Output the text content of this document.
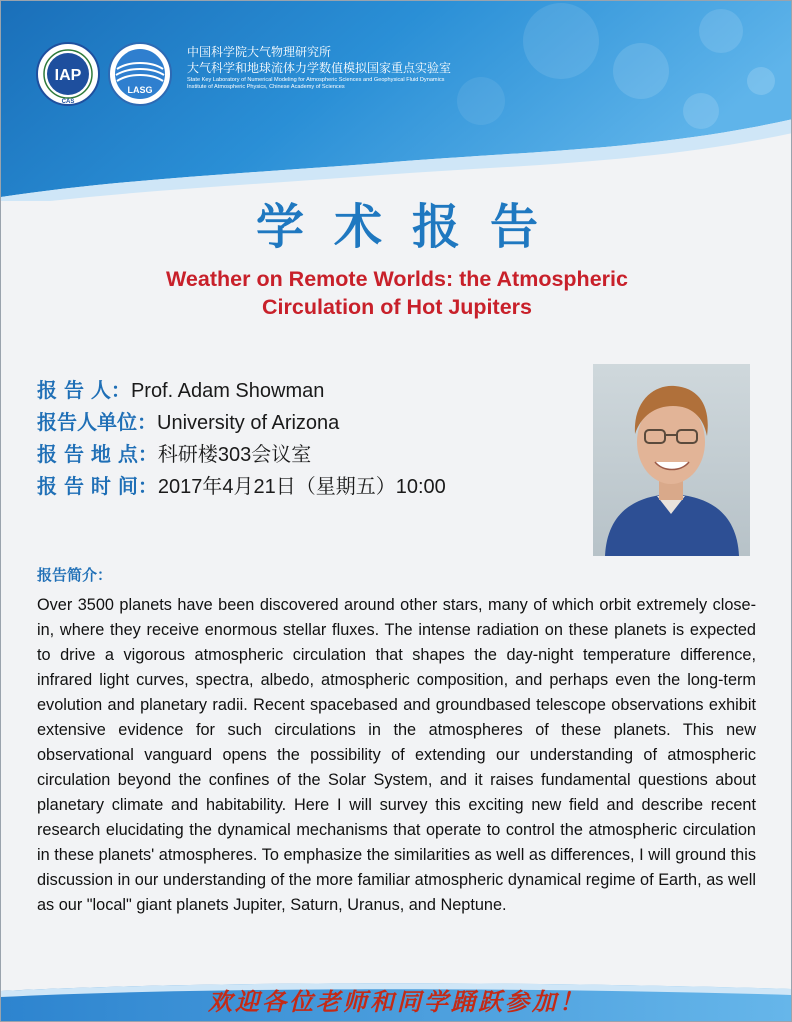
IAP
CAS
LASG
中国科学院大气物理研究所
大气科学和地球流体力学数值模拟国家重点实验室
State Key Laboratory of Numerical Modeling for Atmospheric Sciences and Geophysical Fluid Dynamics
Institute of Atmospheric Physics, Chinese Academy of Sciences
学术报告
Weather on Remote Worlds: the Atmospheric
Circulation of Hot Jupiters
报 告 人：Prof. Adam Showman
报告人单位：University of Arizona
报 告 地 点：科研楼303会议室
报 告 时 间：2017年4月21日（星期五）10:00
报告简介：
Over 3500 planets have been discovered around other stars, many of which orbit extremely close-in, where they receive enormous stellar fluxes. The intense radiation on these planets is expected to drive a vigorous atmospheric circulation that shapes the day-night temperature difference, infrared light curves, spectra, albedo, atmospheric composition, and perhaps even the long-term evolution and planetary radii. Recent spacebased and groundbased telescope observations exhibit extensive evidence for such circulations in the atmospheres of these planets. This new observational vanguard opens the possibility of extending our understanding of atmospheric circulation beyond the confines of the Solar System, and it raises fundamental questions about planetary climate and habitability. Here I will survey this exciting new field and describe recent research elucidating the dynamical mechanisms that operate to control the atmospheric circulation in these planets' atmospheres. To emphasize the similarities as well as differences, I will ground this discussion in our understanding of the more familiar atmospheric dynamical regime of Earth, as well as our "local" giant planets Jupiter, Saturn, Uranus, and Neptune.
欢迎各位老师和同学踊跃参加！
